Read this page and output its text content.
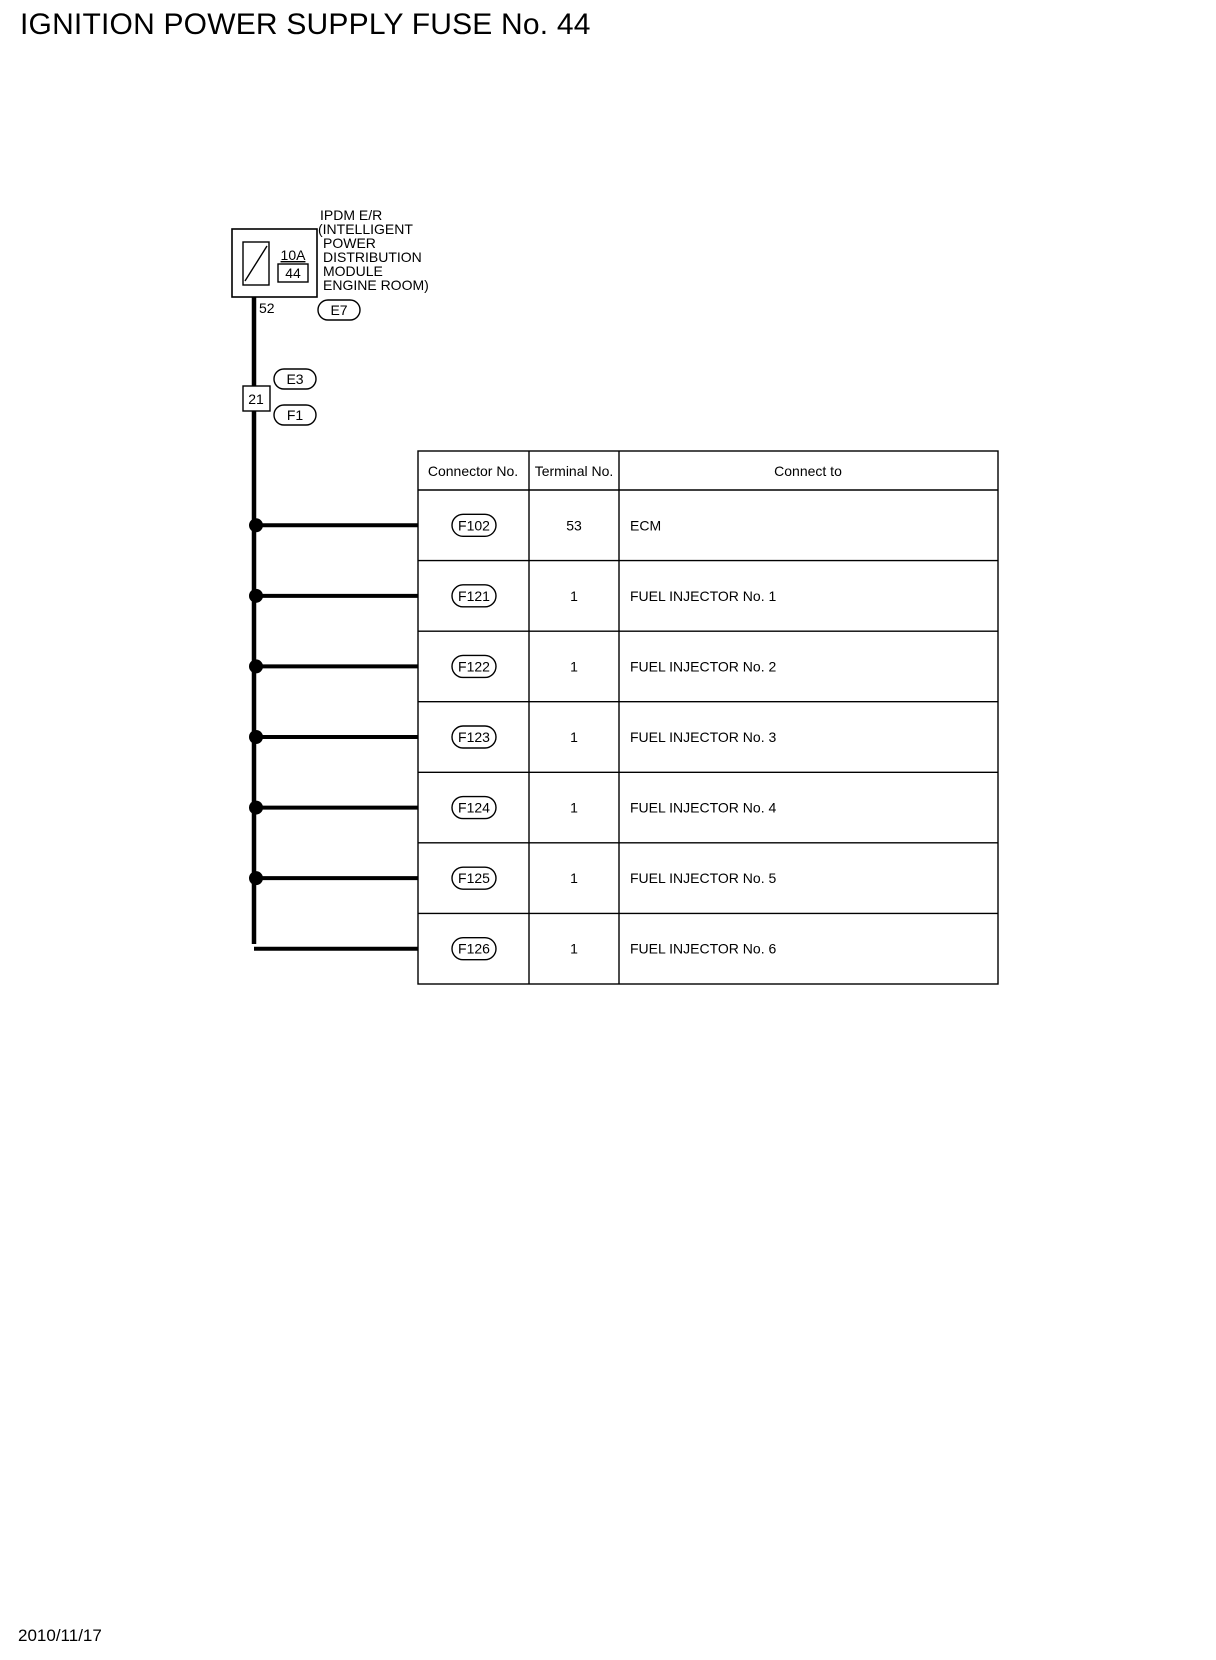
IGNITION POWER SUPPLY FUSE No. 44
10A
44
IPDM E/R
(INTELLIGENT
POWER
DISTRIBUTION
MODULE
ENGINE ROOM)
52	E7
21
E3
F1
Connector No. Terminal No.	Connect to
F102	53	ECM
F121	1	FUEL INJECTOR No. 1
F122	1	FUEL INJECTOR No. 2
F123	1	FUEL INJECTOR No. 3
F124	1	FUEL INJECTOR No. 4
F125	1	FUEL INJECTOR No. 5
F126	1	FUEL INJECTOR No. 6
2010/11/17
